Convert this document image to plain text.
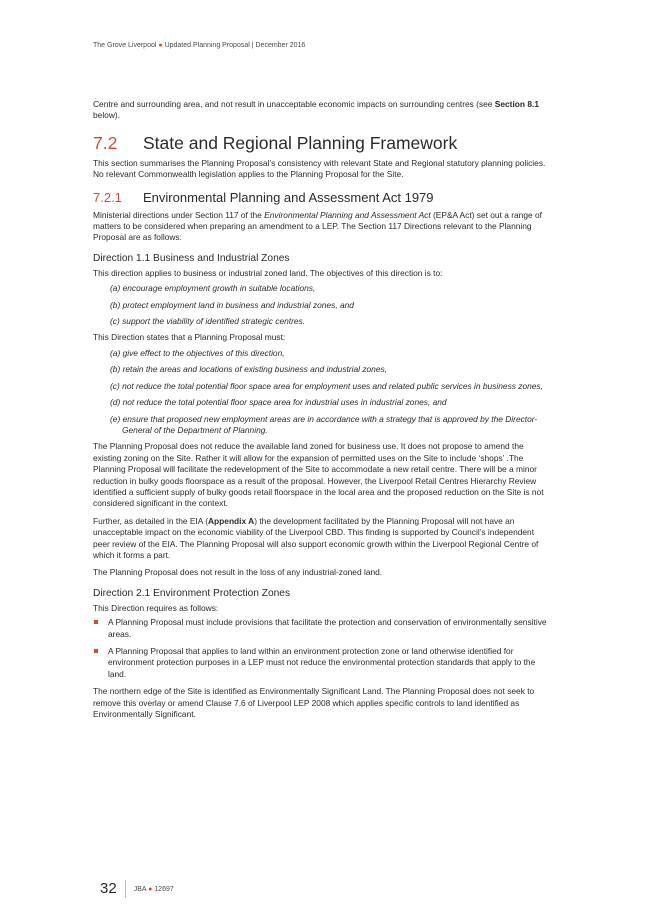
The Grove Liverpool ● Updated Planning Proposal | December 2016

Centre and surrounding area, and not result in unacceptable economic impacts on surrounding centres (see Section 8.1 below).

7.2	State and Regional Planning Framework

This section summarises the Planning Proposal’s consistency with relevant State and Regional statutory planning policies. No relevant Commonwealth legislation applies to the Planning Proposal for the Site.

7.2.1	Environmental Planning and Assessment Act 1979

Ministerial directions under Section 117 of the Environmental Planning and Assessment Act (EP&A Act) set out a range of matters to be considered when preparing an amendment to a LEP. The Section 117 Directions relevant to the Planning Proposal are as follows:

Direction 1.1 Business and Industrial Zones

This direction applies to business or industrial zoned land. The objectives of this direction is to:

(a) encourage employment growth in suitable locations,
(b) protect employment land in business and industrial zones, and
(c) support the viability of identified strategic centres.

This Direction states that a Planning Proposal must:

(a) give effect to the objectives of this direction,
(b) retain the areas and locations of existing business and industrial zones,
(c) not reduce the total potential floor space area for employment uses and related public services in business zones,
(d) not reduce the total potential floor space area for industrial uses in industrial zones, and
(e) ensure that proposed new employment areas are in accordance with a strategy that is approved by the Director-General of the Department of Planning.

The Planning Proposal does not reduce the available land zoned for business use. It does not propose to amend the existing zoning on the Site. Rather it will allow for the expansion of permitted uses on the Site to include ‘shops’ .The Planning Proposal will facilitate the redevelopment of the Site to accommodate a new retail centre. There will be a minor reduction in bulky goods floorspace as a result of the proposal. However, the Liverpool Retail Centres Hierarchy Review identified a sufficient supply of bulky goods retail floorspace in the local area and the proposed reduction on the Site is not considered significant in the context.

Further, as detailed in the EIA (Appendix A) the development facilitated by the Planning Proposal will not have an unacceptable impact on the economic viability of the Liverpool CBD. This finding is supported by Council’s independent peer review of the EIA. The Planning Proposal will also support economic growth within the Liverpool Regional Centre of which it forms a part.

The Planning Proposal does not result in the loss of any industrial-zoned land.

Direction 2.1 Environment Protection Zones

This Direction requires as follows:

A Planning Proposal must include provisions that facilitate the protection and conservation of environmentally sensitive areas.
A Planning Proposal that applies to land within an environment protection zone or land otherwise identified for environment protection purposes in a LEP must not reduce the environmental protection standards that apply to the land.

The northern edge of the Site is identified as Environmentally Significant Land. The Planning Proposal does not seek to remove this overlay or amend Clause 7.6 of Liverpool LEP 2008 which applies specific controls to land identified as Environmentally Significant.

32	JBA ● 12697
